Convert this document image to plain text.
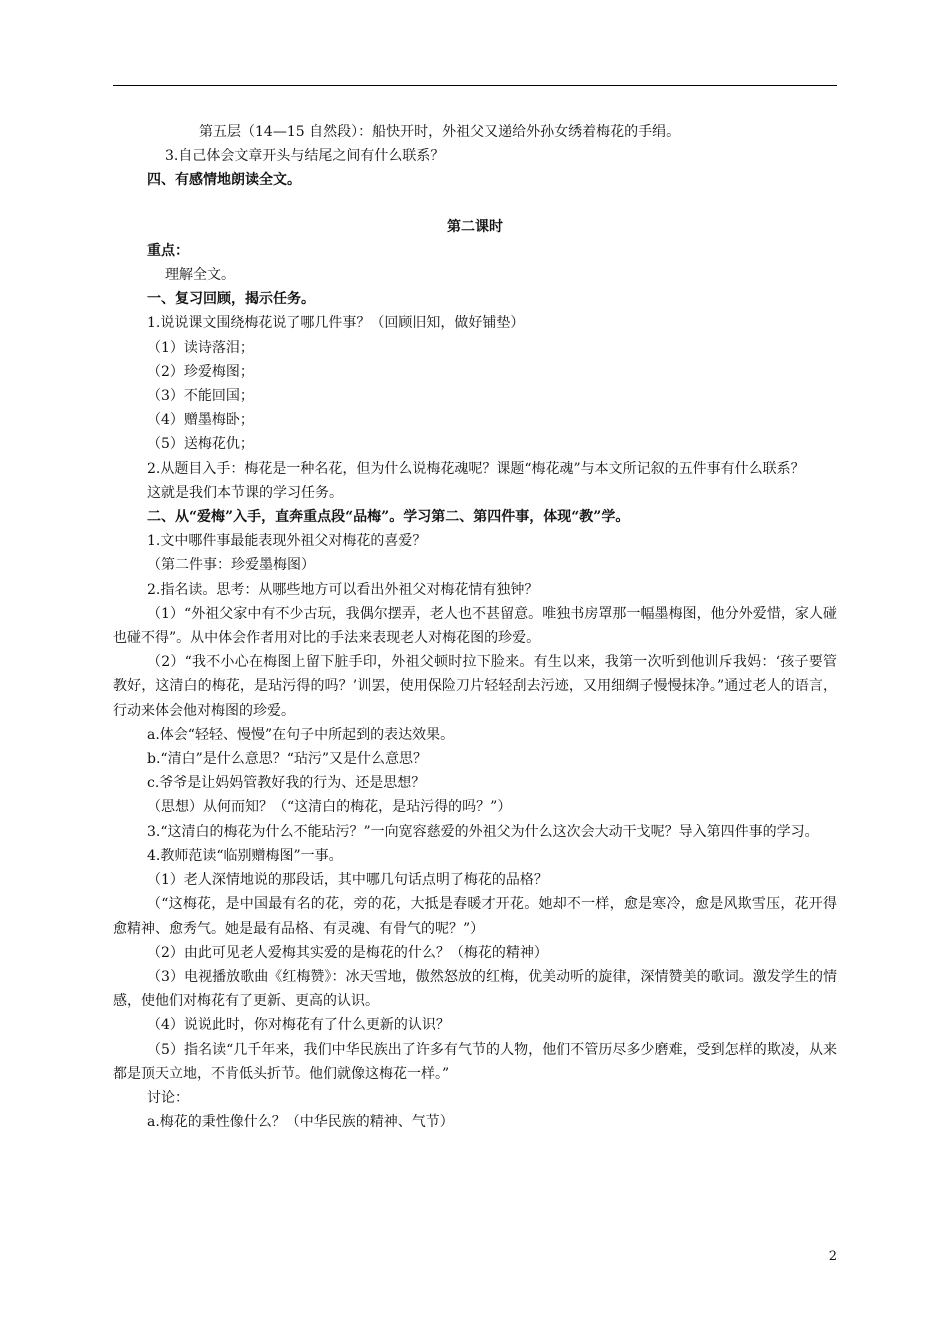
第五层（14—15 自然段）：船快开时，外祖父又递给外孙女绣着梅花的手绢。
3.自己体会文章开头与结尾之间有什么联系？
四、有感情地朗读全文。
第二课时
重点：
理解全文。
一、复习回顾，揭示任务。
1.说说课文围绕梅花说了哪几件事？（回顾旧知，做好铺垫）
（1）读诗落泪；
（2）珍爱梅图；
（3）不能回国；
（4）赠墨梅卧；
（5）送梅花仇；
2.从题目入手：梅花是一种名花，但为什么说梅花魂呢？课题“梅花魂”与本文所记叙的五件事有什么联系？
这就是我们本节课的学习任务。
二、从“爱梅”入手，直奔重点段“品梅”。学习第二、第四件事，体现“教”学。
1.文中哪件事最能表现外祖父对梅花的喜爱？
（第二件事：珍爱墨梅图）
2.指名读。思考：从哪些地方可以看出外祖父对梅花情有独钟？
（1）“外祖父家中有不少古玩，我偶尔摆弄，老人也不甚留意。唯独书房罩那一幅墨梅图，他分外爱惜，家人碰也碰不得”。从中体会作者用对比的手法来表现老人对梅花图的珍爱。
（2）“我不小心在梅图上留下脏手印，外祖父顿时拉下脸来。有生以来，我第一次听到他训斥我妈：‘孩子要管教好，这清白的梅花，是玷污得的吗？’训罢，使用保险刀片轻轻刮去污迹，又用细绸子慢慢抹净。”通过老人的语言，行动来体会他对梅图的珍爱。
a.体会“轻轻、慢慢”在句子中所起到的表达效果。
b.“清白”是什么意思？“玷污”又是什么意思？
c.爷爷是让妈妈管教好我的行为、还是思想？
（思想）从何而知？（“这清白的梅花，是玷污得的吗？”）
3.“这清白的梅花为什么不能玷污？”一向宽容慈爱的外祖父为什么这次会大动干戈呢？导入第四件事的学习。
4.教师范读“临别赠梅图”一事。
（1）老人深情地说的那段话，其中哪几句话点明了梅花的品格？
（“这梅花，是中国最有名的花，旁的花，大抵是春暖才开花。她却不一样，愈是寒冷，愈是风欺雪压，花开得愈精神、愈秀气。她是最有品格、有灵魂、有骨气的呢？”）
（2）由此可见老人爱梅其实爱的是梅花的什么？（梅花的精神）
（3）电视播放歌曲《红梅赞》：冰天雪地，傲然怒放的红梅，优美动听的旋律，深情赞美的歌词。激发学生的情感，使他们对梅花有了更新、更高的认识。
（4）说说此时，你对梅花有了什么更新的认识？
（5）指名读“几千年来，我们中华民族出了许多有气节的人物，他们不管历尽多少磨难，受到怎样的欺凌，从来都是顶天立地，不肯低头折节。他们就像这梅花一样。”
讨论：
a.梅花的秉性像什么？（中华民族的精神、气节）
2
